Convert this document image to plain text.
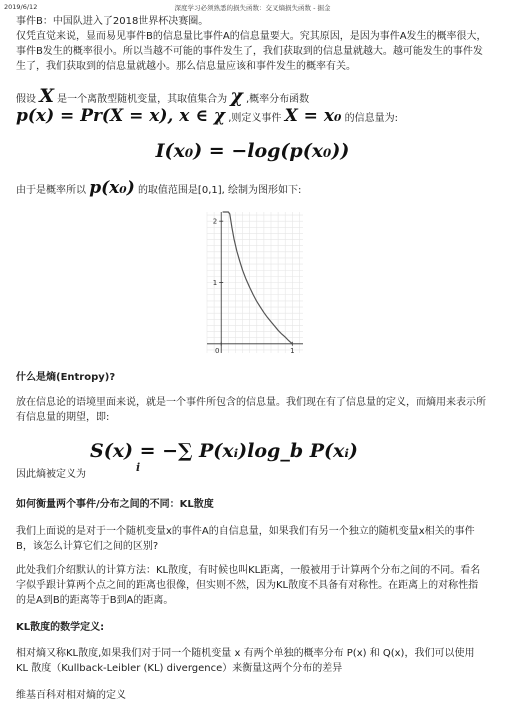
2019/6/12	深度学习必须熟悉的损失函数：交叉熵损失函数 - 掘金
事件B：中国队进入了2018世界杯决赛圈。
仅凭直觉来说，显而易见事件B的信息量比事件A的信息量要大。究其原因，是因为事件A发生的概率很大，事件B发生的概率很小。所以当越不可能的事件发生了，我们获取到的信息量就越大。越可能发生的事件发生了，我们获取到的信息量就越小。那么信息量应该和事件发生的概率有关。
假设 X 是一个离散型随机变量，其取值集合为 χ ,概率分布函数
p(x) = Pr(X = x), x ∈ χ ,则定义事件 X = x₀ 的信息量为:
I(x₀) = −log(p(x₀))
由于是概率所以 p(x₀) 的取值范围是[0,1], 绘制为图形如下:
1
2
0	1
什么是熵(Entropy)?
放在信息论的语境里面来说，就是一个事件所包含的信息量。我们现在有了信息量的定义，而熵用来表示所有信息量的期望，即:
S(x) = −∑ P(xᵢ)log_b P(xᵢ)
i
因此熵被定义为
如何衡量两个事件/分布之间的不同：KL散度
我们上面说的是对于一个随机变量x的事件A的自信息量，如果我们有另一个独立的随机变量x相关的事件B，该怎么计算它们之间的区别?
此处我们介绍默认的计算方法：KL散度，有时候也叫KL距离，一般被用于计算两个分布之间的不同。看名字似乎跟计算两个点之间的距离也很像，但实则不然，因为KL散度不具备有对称性。在距离上的对称性指的是A到B的距离等于B到A的距离。
KL散度的数学定义:
相对熵又称KL散度,如果我们对于同一个随机变量 x 有两个单独的概率分布 P(x) 和 Q(x)，我们可以使用 KL 散度（Kullback-Leibler (KL) divergence）来衡量这两个分布的差异
维基百科对相对熵的定义
